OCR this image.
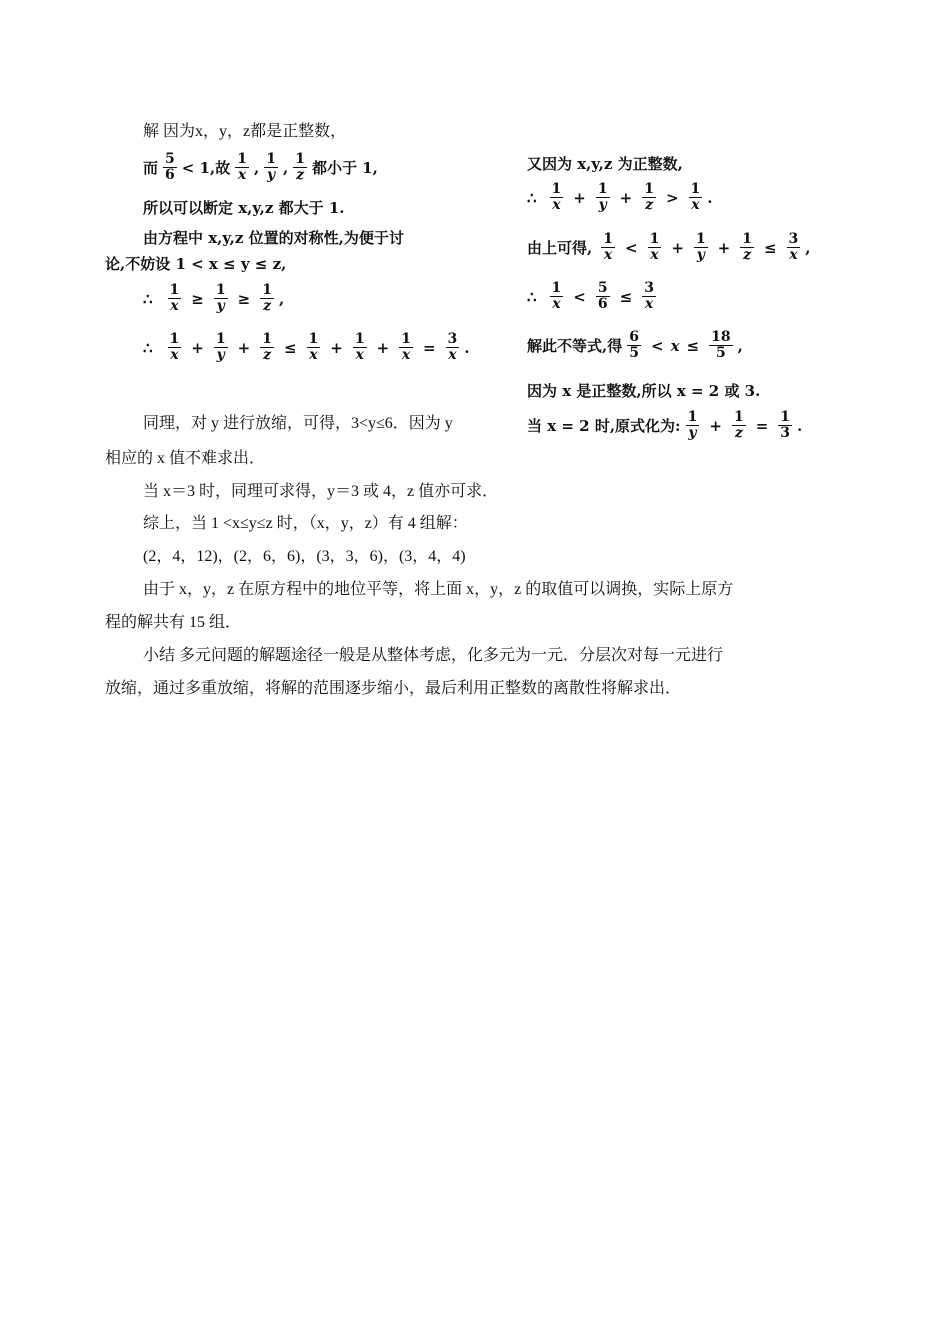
解 因为x，y，z都是正整数，
而 $\frac{5}{6} < 1$,故 $\frac{1}{x}$ , $\frac{1}{y}$ , $\frac{1}{z}$ 都小于 1,
所以可以断定 x,y,z 都大于 1.
由方程中 x,y,z 位置的对称性,为便于讨
论,不妨设 1 < x ≤ y ≤ z,
∴ $\frac{1}{x} \ge \frac{1}{y} \ge \frac{1}{z}$ ,
∴ $\frac{1}{x} + \frac{1}{y} + \frac{1}{z} \le \frac{1}{x} + \frac{1}{x} + \frac{1}{x} = \frac{3}{x}$ .
又因为 x,y,z 为正整数,
∴ $\frac{1}{x} + \frac{1}{y} + \frac{1}{z} > \frac{1}{x}$ .
由上可得, $\frac{1}{x} < \frac{1}{x} + \frac{1}{y} + \frac{1}{z} \le \frac{3}{x}$ ,
∴ $\frac{1}{x} < \frac{5}{6} \le \frac{3}{x}$
解此不等式,得 $\frac{6}{5} < x \le \frac{18}{5}$ ,
因为 x 是正整数,所以 x = 2 或 3.
同理，对 y 进行放缩，可得，3<y≤6．因为 y	当 x = 2 时,原式化为: $\frac{1}{y} + \frac{1}{z} = \frac{1}{3}$ .
相应的 x 值不难求出．
当 x＝3 时，同理可求得，y＝3 或 4，z 值亦可求．
综上，当 1 <x≤y≤z 时，（x，y，z）有 4 组解：
(2，4，12)，(2，6，6)，(3，3，6)，(3，4，4)
由于 x，y，z 在原方程中的地位平等，将上面 x，y，z 的取值可以调换，实际上原方
程的解共有 15 组．
小结 多元问题的解题途径一般是从整体考虑，化多元为一元．分层次对每一元进行
放缩，通过多重放缩，将解的范围逐步缩小，最后利用正整数的离散性将解求出．
